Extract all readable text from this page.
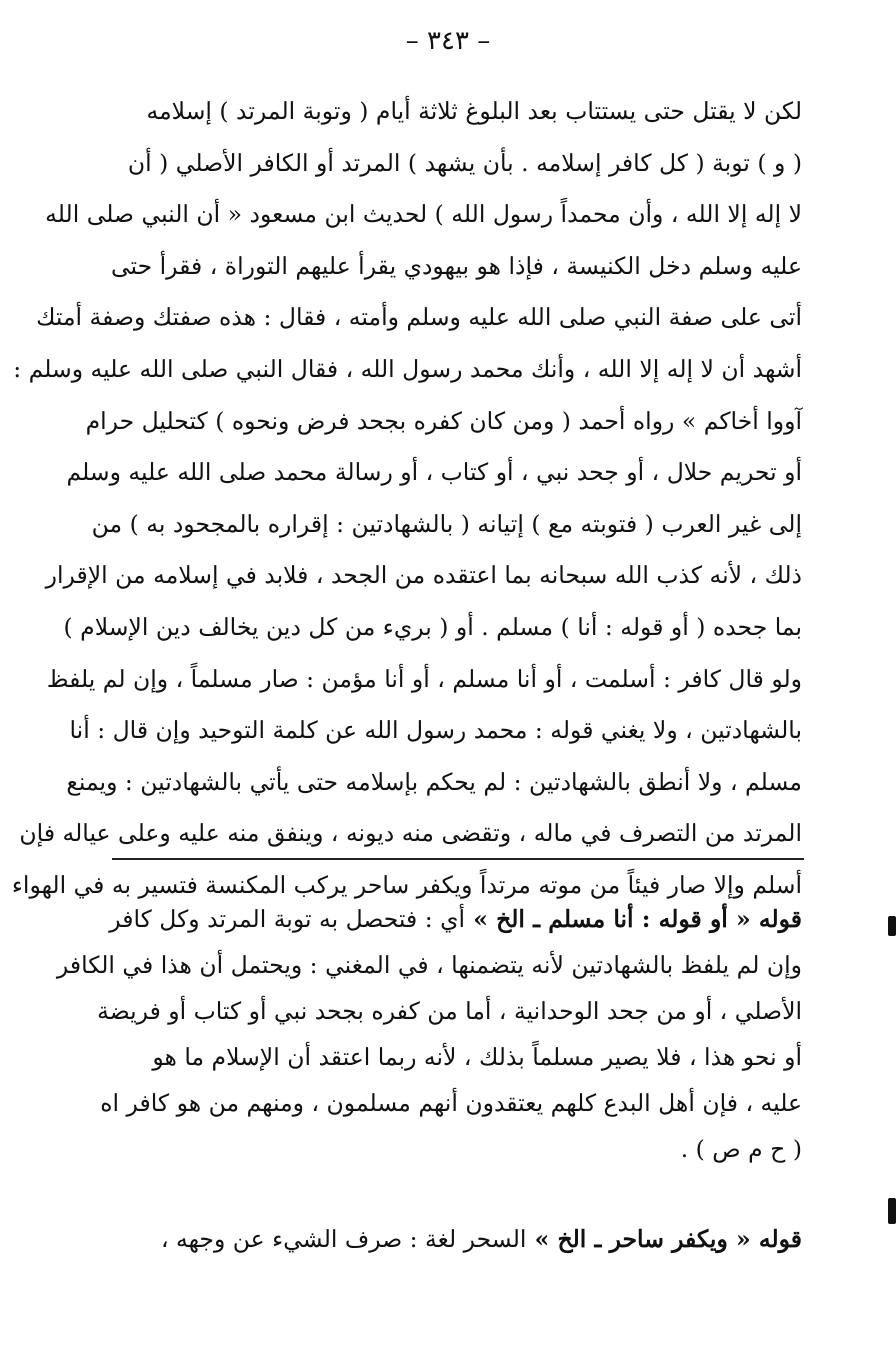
– ٣٤٣ –
لكن لا يقتل حتى يستتاب بعد البلوغ ثلاثة أيام ( وتوبة المرتد ) إسلامه
( و ) توبة ( كل كافر إسلامه . بأن يشهد ) المرتد أو الكافر الأصلي ( أن
لا إله إلا الله ، وأن محمداً رسول الله ) لحديث ابن مسعود « أن النبي صلى الله
عليه وسلم دخل الكنيسة ، فإذا هو بيهودي يقرأ عليهم التوراة ، فقرأ حتى
أتى على صفة النبي صلى الله عليه وسلم وأمته ، فقال : هذه صفتك وصفة أمتك
أشهد أن لا إله إلا الله ، وأنك محمد رسول الله ، فقال النبي صلى الله عليه وسلم :
آووا أخاكم » رواه أحمد ( ومن كان كفره بجحد فرض ونحوه ) كتحليل حرام
أو تحريم حلال ، أو جحد نبي ، أو كتاب ، أو رسالة محمد صلى الله عليه وسلم
إلى غير العرب ( فتوبته مع ) إتيانه ( بالشهادتين : إقراره بالمجحود به ) من
ذلك ، لأنه كذب الله سبحانه بما اعتقده من الجحد ، فلابد في إسلامه من الإقرار
بما جحده ( أو قوله : أنا ) مسلم . أو ( بريء من كل دين يخالف دين الإسلام )
ولو قال كافر : أسلمت ، أو أنا مسلم ، أو أنا مؤمن : صار مسلماً ، وإن لم يلفظ
بالشهادتين ، ولا يغني قوله : محمد رسول الله عن كلمة التوحيد وإن قال : أنا
مسلم ، ولا أنطق بالشهادتين : لم يحكم بإسلامه حتى يأتي بالشهادتين : ويمنع
المرتد من التصرف في ماله ، وتقضى منه ديونه ، وينفق منه عليه وعلى عياله فإن
أسلم وإلا صار فيئاً من موته مرتداً ويكفر ساحر يركب المكنسة فتسير به في الهواء
قوله « أو قوله : أنا مسلم ـ الخ » أي : فتحصل به توبة المرتد وكل كافر
وإن لم يلفظ بالشهادتين لأنه يتضمنها ، في المغني : ويحتمل أن هذا في الكافر
الأصلي ، أو من جحد الوحدانية ، أما من كفره بجحد نبي أو كتاب أو فريضة
أو نحو هذا ، فلا يصير مسلماً بذلك ، لأنه ربما اعتقد أن الإسلام ما هو
عليه ، فإن أهل البدع كلهم يعتقدون أنهم مسلمون ، ومنهم من هو كافر اه
( ح م ص ) .
قوله « ويكفر ساحر ـ الخ » السحر لغة : صرف الشيء عن وجهه ،
